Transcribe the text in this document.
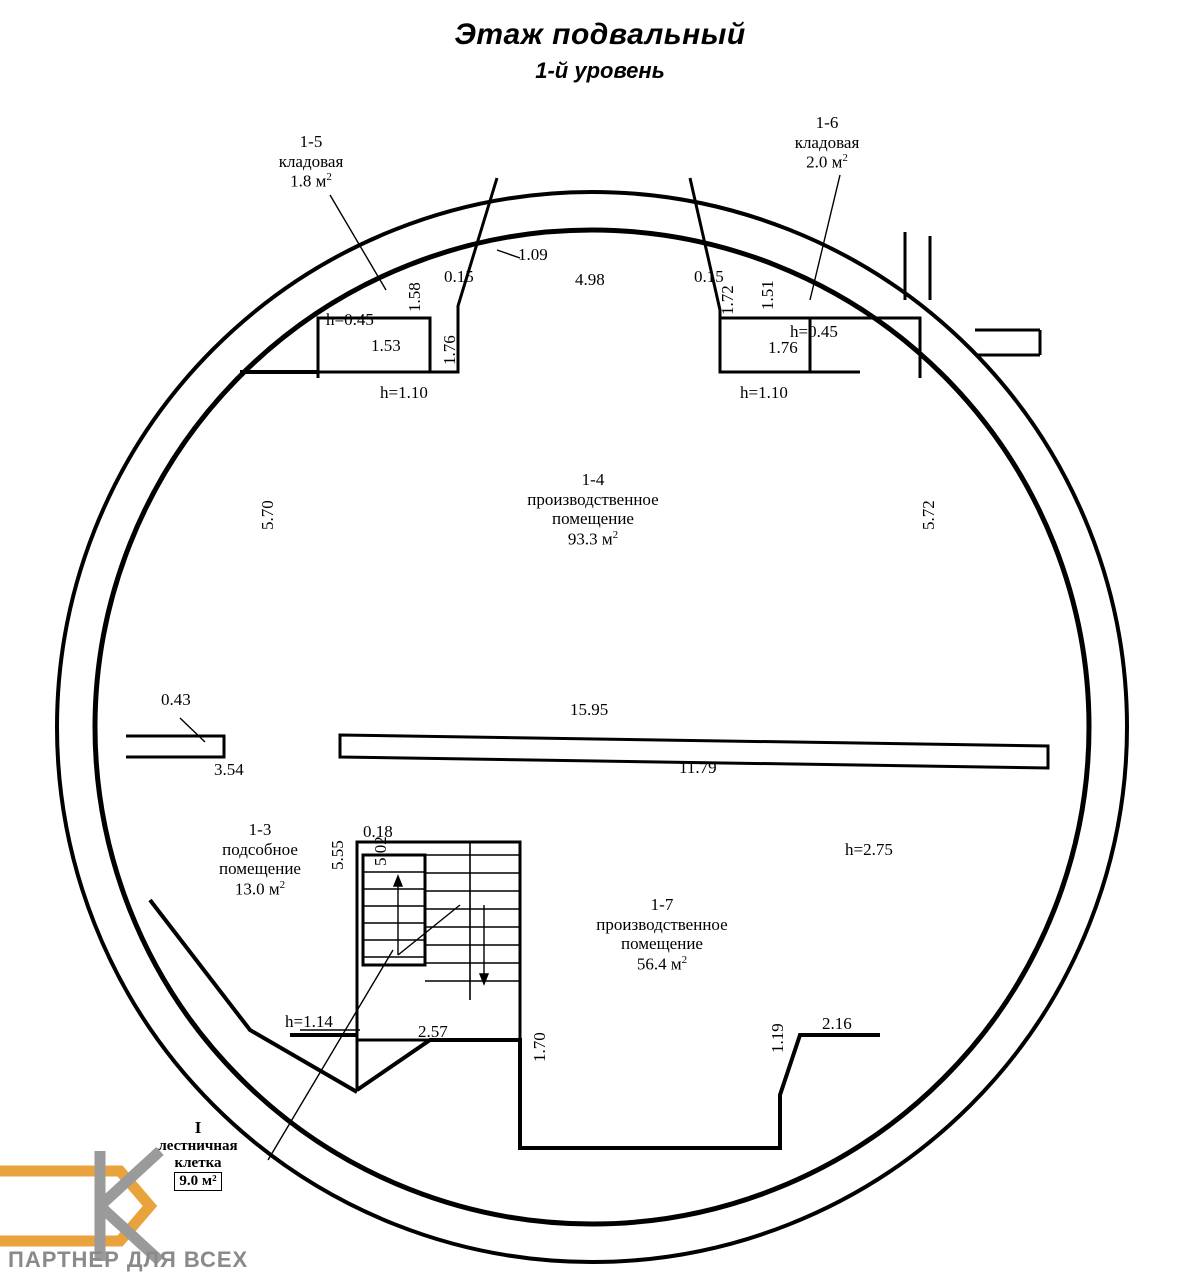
Этаж подвальный
1-й уровень
1-5
кладовая
1.8 $м^2$
1-6
кладовая
2.0 $м^2$
1-4
производственное
помещение
93.3 $м^2$
1-3
подсобное
помещение
13.0 $м^2$
1-7
производственное
помещение
56.4 $м^2$
I
лестничная
клетка
9.0 м²
1.09
0.15
1.58
1.76
1.53
h=0.45
h=1.10
4.98	0.15
1.51
1.72
1.76
h=0.45
h=1.10
5.70	5.72
0.43
3.54
15.95
11.79
h=2.75
0.18
5.55 5.02
h=1.14
2.57
1.70	1.19 2.16
ПАРТНЕР ДЛЯ ВСЕХ
